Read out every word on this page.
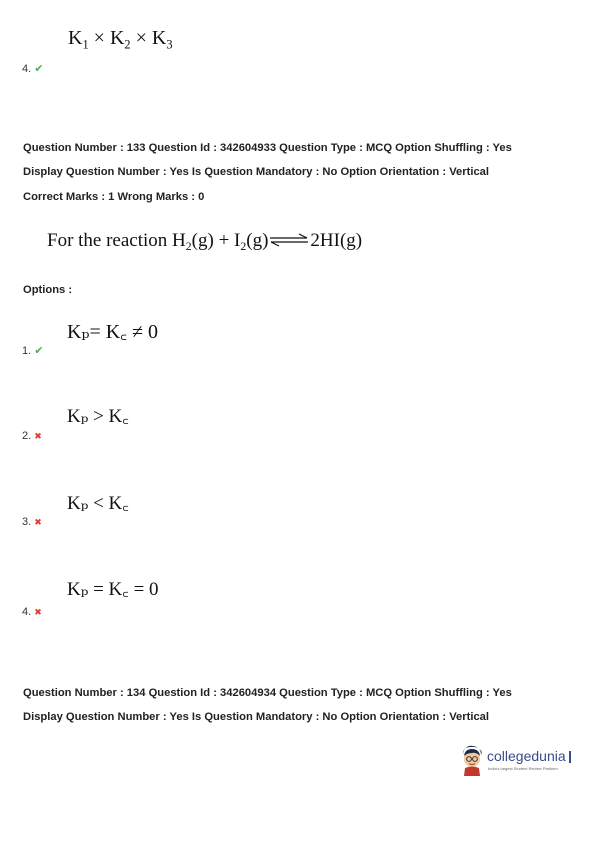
$K_1 \times K_2 \times K_3$
4. ✔
Question Number : 133 Question Id : 342604933 Question Type : MCQ Option Shuffling : Yes
Display Question Number : Yes Is Question Mandatory : No Option Orientation : Vertical
Correct Marks : 1 Wrong Marks : 0
For the reaction $H_2(g)$ + $I_2(g)\rightleftharpoons 2HI(g)$
Options :
Kₚ= K꜀ ≠ 0
1. ✔
Kₚ > K꜀
2. ✖
Kₚ < K꜀
3. ✖
Kₚ = K꜀ = 0
4. ✖
Question Number : 134 Question Id : 342604934 Question Type : MCQ Option Shuffling : Yes
Display Question Number : Yes Is Question Mandatory : No Option Orientation : Vertical
collegedunia
India's largest Student Review Platform
